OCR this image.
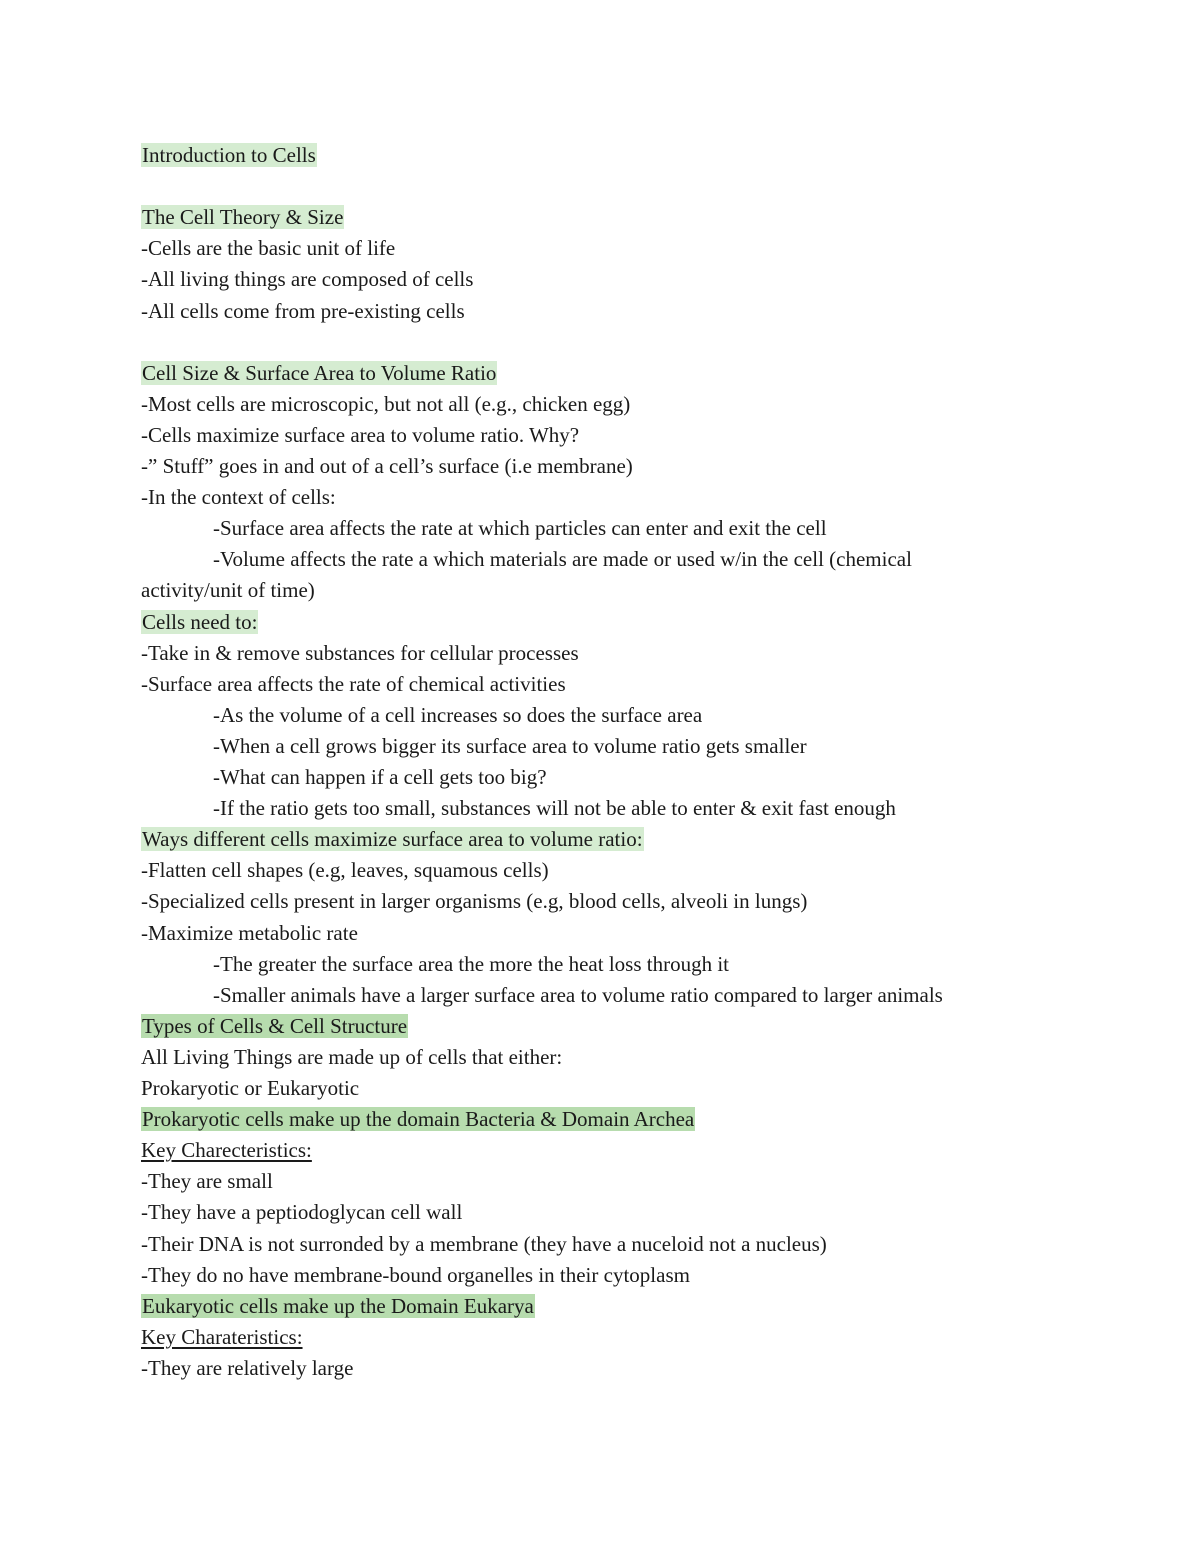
Introduction to Cells
The Cell Theory & Size
-Cells are the basic unit of life
-All living things are composed of cells
-All cells come from pre-existing cells
Cell Size & Surface Area to Volume Ratio
-Most cells are microscopic, but not all (e.g., chicken egg)
-Cells maximize surface area to volume ratio. Why?
-” Stuff” goes in and out of a cell’s surface (i.e membrane)
-In the context of cells:
-Surface area affects the rate at which particles can enter and exit the cell
-Volume affects the rate a which materials are made or used w/in the cell (chemical
activity/unit of time)
Cells need to:
-Take in & remove substances for cellular processes
-Surface area affects the rate of chemical activities
-As the volume of a cell increases so does the surface area
-When a cell grows bigger its surface area to volume ratio gets smaller
-What can happen if a cell gets too big?
-If the ratio gets too small, substances will not be able to enter & exit fast enough
Ways different cells maximize surface area to volume ratio:
-Flatten cell shapes (e.g, leaves, squamous cells)
-Specialized cells present in larger organisms (e.g, blood cells, alveoli in lungs)
-Maximize metabolic rate
-The greater the surface area the more the heat loss through it
-Smaller animals have a larger surface area to volume ratio compared to larger animals
Types of Cells & Cell Structure
All Living Things are made up of cells that either:
Prokaryotic or Eukaryotic
Prokaryotic cells make up the domain Bacteria & Domain Archea
Key Charecteristics:
-They are small
-They have a peptiodoglycan cell wall
-Their DNA is not surronded by a membrane (they have a nuceloid not a nucleus)
-They do no have membrane-bound organelles in their cytoplasm
Eukaryotic cells make up the Domain Eukarya
Key Charateristics:
-They are relatively large
